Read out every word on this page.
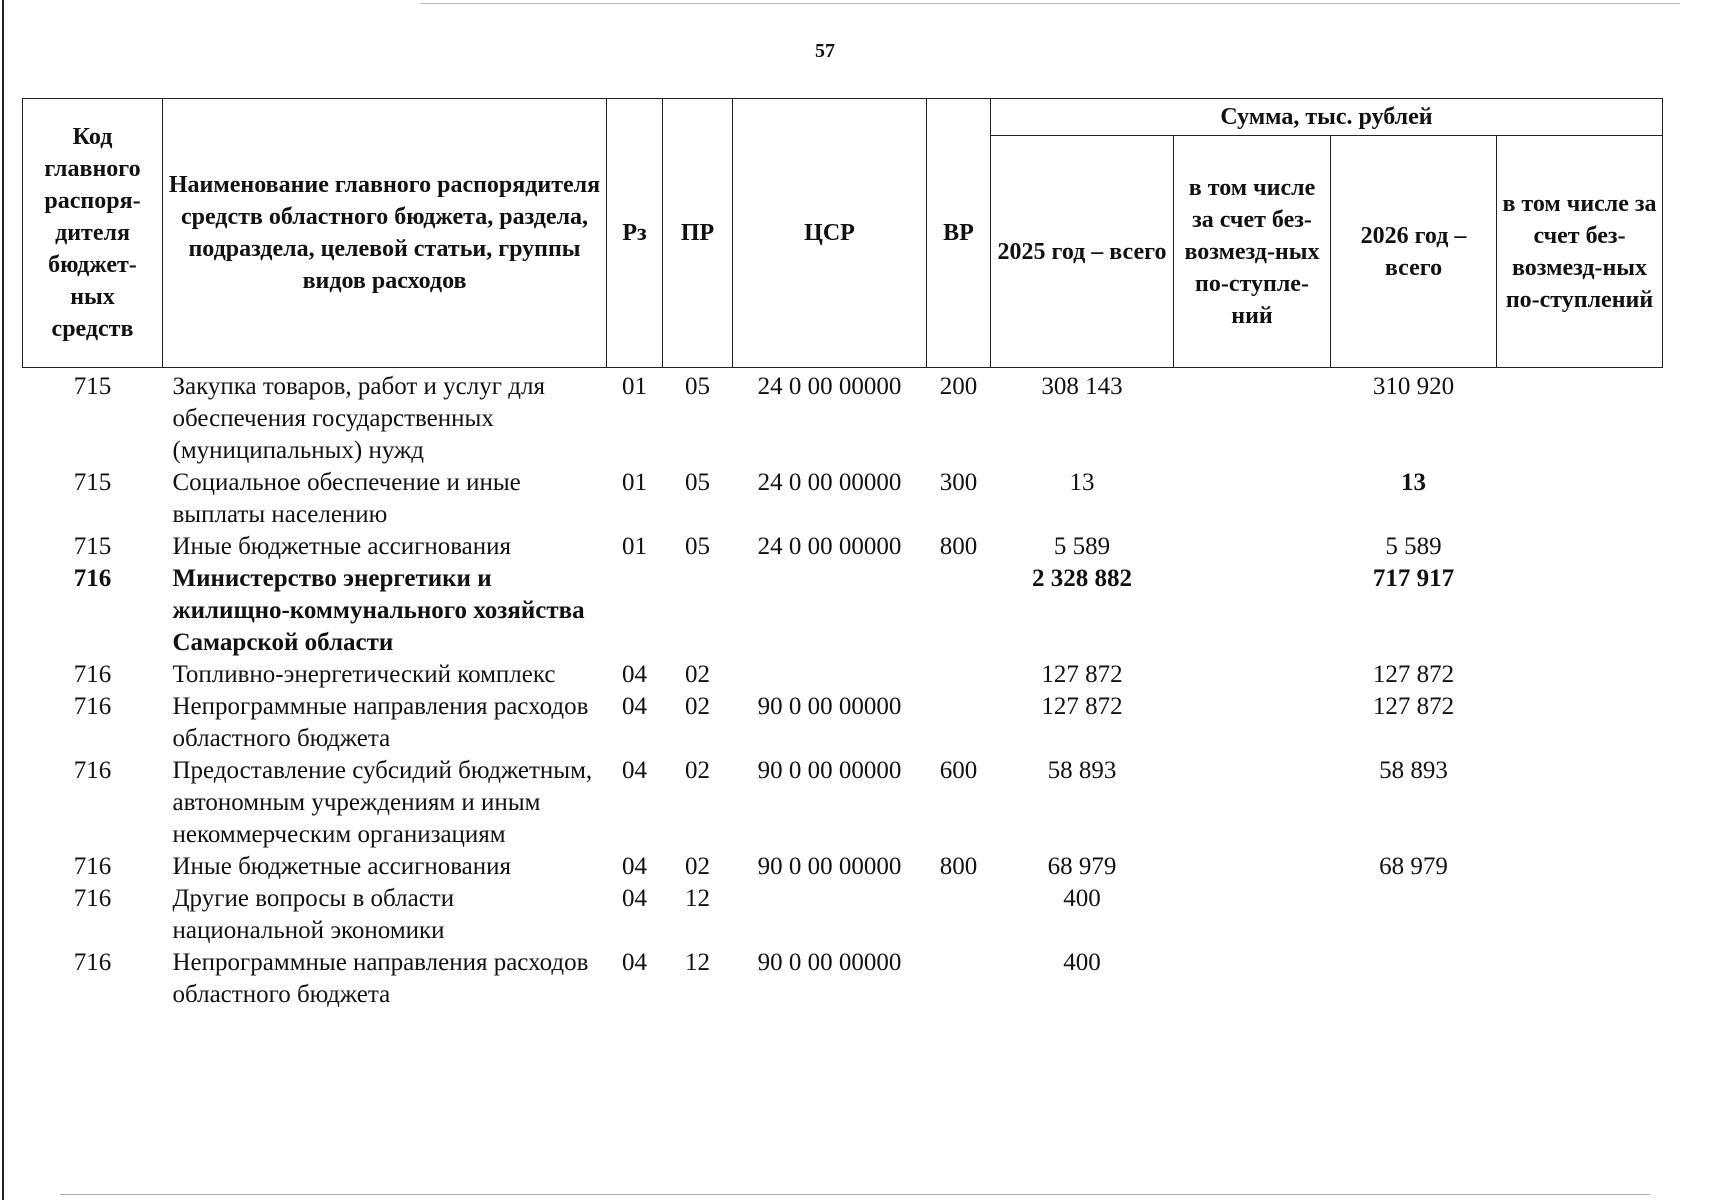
57
Код главного распоря-дителя бюджет-ных средств	Наименование главного распорядителя средств областного бюджета, раздела, подраздела, целевой статьи, группы видов расходов	Рз	ПР	ЦСР	ВР	Сумма, тыс. рублей			
						2025 год – всего	в том числе за счет без-возмезд-ных по-ступле-ний	2026 год – всего	в том числе за счет без-возмезд-ных по-ступлений
715	Закупка товаров, работ и услуг для обеспечения государственных (муниципальных) нужд	01	05	24 0 00 00000	200	308 143		310 920	
715	Социальное обеспечение и иные выплаты населению	01	05	24 0 00 00000	300	13		13	
715	Иные бюджетные ассигнования	01	05	24 0 00 00000	800	5 589		5 589	
716	Министерство энергетики и жилищно-коммунального хозяйства Самарской области					2 328 882		717 917	
716	Топливно-энергетический комплекс	04	02			127 872		127 872	
716	Непрограммные направления расходов областного бюджета	04	02	90 0 00 00000		127 872		127 872	
716	Предоставление субсидий бюджетным, автономным учреждениям и иным некоммерческим организациям	04	02	90 0 00 00000	600	58 893		58 893	
716	Иные бюджетные ассигнования	04	02	90 0 00 00000	800	68 979		68 979	
716	Другие вопросы в области национальной экономики	04	12			400			
716	Непрограммные направления расходов областного бюджета	04	12	90 0 00 00000		400			
